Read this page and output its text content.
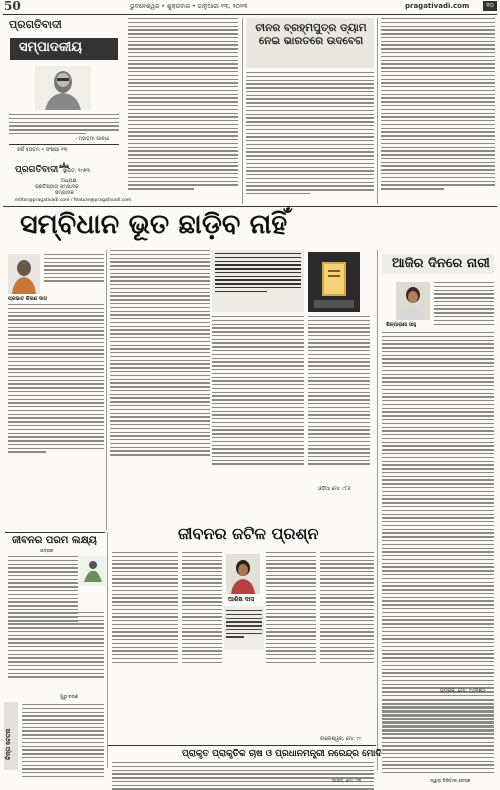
50	ଭୁବନେଶ୍ୱର • ଶୁକ୍ରବାର • ଜାନୁଆରୀ ୧୩, ୨୦୨୩	pragativadi.com	୧୦
ପ୍ରଗତିବାଦୀ
ସମ୍ପାଦକୀୟ
- ମହାତ୍ମା ଗାନ୍ଧୀ
ବର୍ଷ ୫୦ତମ • ସଂଖ୍ୟା ୧୩
ପ୍ରଗତିବାଦୀ ସ୍ଥାପିତ: ୧୯୭୩
ଅଧ୍ୟକ୍ଷ
ପ୍ରତିଷ୍ଠାତା ସମ୍ପାଦକ
ସମ୍ପାଦକ
editor@pragativadi.com / feature@pragativadi.com
ଚୀନର ବ୍ରହ୍ମପୁତ୍ର ଡ୍ୟାମ ନେଇ ଭାରତରେ ଉଦବେଗ
ସମ୍ବିଧାନ ଭୂତ ଛାଡ଼ିବ ନାହିଁ
ପ୍ରଭାତ କିରଣ ଦାସ
ଓଡ଼ିଆ ମୋ: ୯୮୬
ଆଜିର ଦିନରେ ନାରୀ
ଶିଳ୍ପାରାଣୀ ସାହୁ
ଭଦ୍ରକ, ମୋ: ୯୪୩୭୦
ଜୀବନର ପରମ ଲକ୍ଷ୍ୟ
ଭଦ୍ରକ
ଗୁରୁ ଚରଣ
ଚିନ୍ତା ଚେତନା
ଜୀବନର ଜଟିଳ ପ୍ରଶ୍ନ
ଆଶିଷ ଦାସ
ବାଲେଶ୍ୱର, ମୋ: ୯୯
ପ୍ରାକୃତ ପ୍ରାକୃତିକ ଚାଷ ଓ ପ୍ରଧାନମନ୍ତ୍ରୀ ନରେନ୍ଦ୍ର ମୋଦି
ଭାରତ, ମୋ: ୯୩	ଦ୍ୱାରା ଡିଜିଟାଲ ଡେସ୍କ
